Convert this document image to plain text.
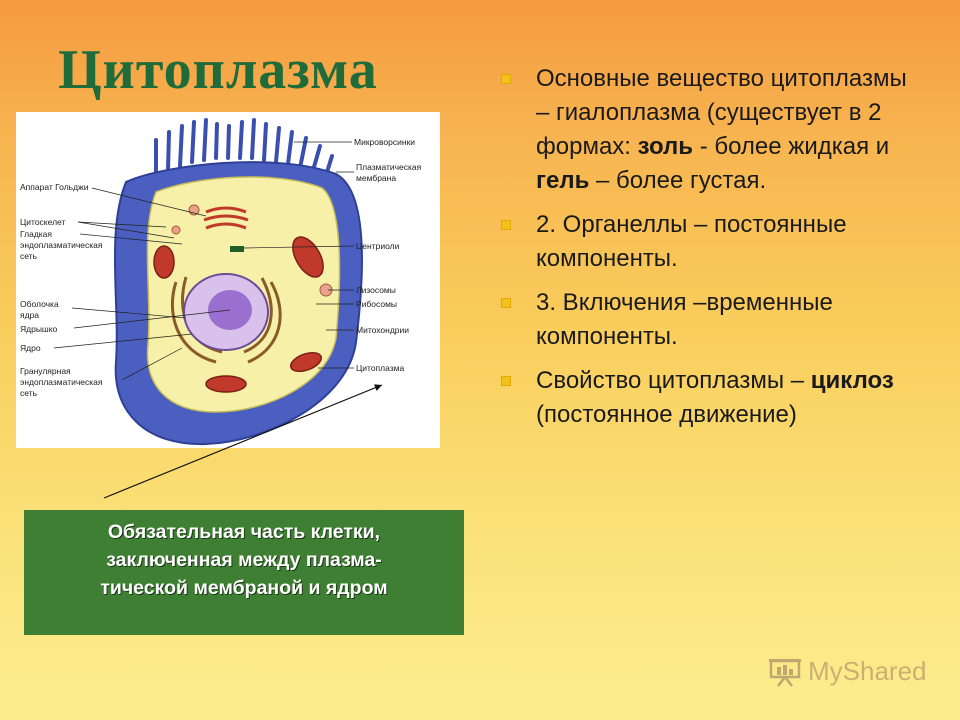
Цитоплазма
Микроворсинки
Плазматическая
мембрана
Аппарат Гольджи
Цитоскелет
Гладкая
эндоплазматическая
сеть
Центриоли
Лизосомы
Рибосомы
Оболочка
ядра
Ядрышко	Митохондрии
Ядро
Цитоплазма
Гранулярная
эндоплазматическая
сеть
Основные вещество цитоплазмы – гиалоплазма (существует в 2 формах: золь - более жидкая и гель – более густая.
2. Органеллы – постоянные компоненты.
3. Включения –временные компоненты.
Свойство цитоплазмы – циклоз (постоянное движение)
Обязательная часть клетки,
заключенная между плазма-
тической мембраной и ядром
MyShared
